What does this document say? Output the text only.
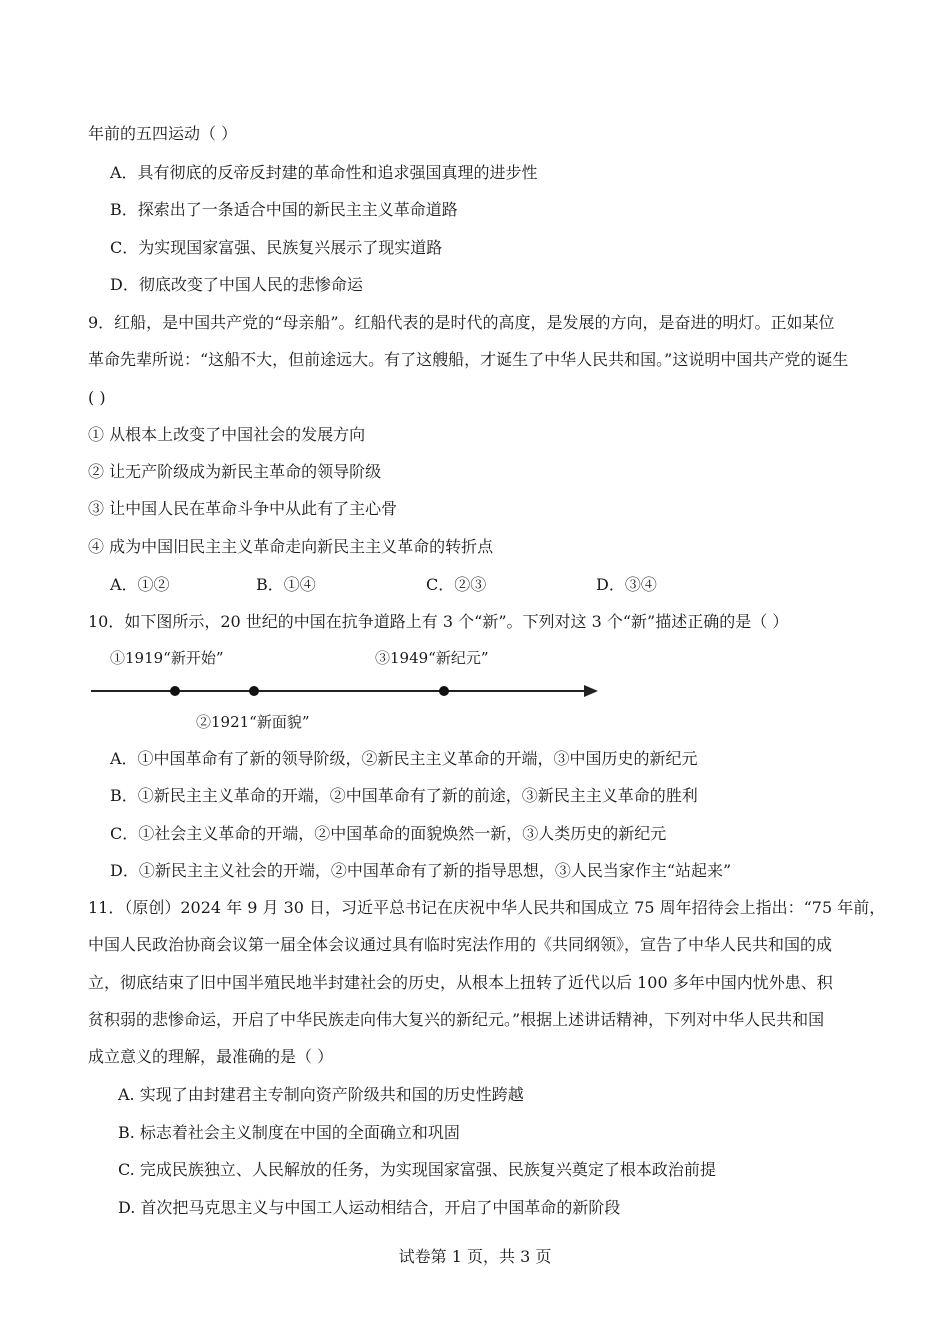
年前的五四运动（ ）
A．具有彻底的反帝反封建的革命性和追求强国真理的进步性
B．探索出了一条适合中国的新民主主义革命道路
C．为实现国家富强、民族复兴展示了现实道路
D．彻底改变了中国人民的悲惨命运
9．红船，是中国共产党的“母亲船”。红船代表的是时代的高度，是发展的方向，是奋进的明灯。正如某位
革命先辈所说：“这船不大，但前途远大。有了这艘船，才诞生了中华人民共和国。”这说明中国共产党的诞生
( )
① 从根本上改变了中国社会的发展方向
② 让无产阶级成为新民主革命的领导阶级
③ 让中国人民在革命斗争中从此有了主心骨
④ 成为中国旧民主主义革命走向新民主主义革命的转折点
A．①②	B．①④	C．②③	D．③④
10．如下图所示，20 世纪的中国在抗争道路上有 3 个“新”。下列对这 3 个“新”描述正确的是（ ）
①1919“新开始”	③1949“新纪元”
②1921“新面貌”
A．①中国革命有了新的领导阶级，②新民主主义革命的开端，③中国历史的新纪元
B．①新民主主义革命的开端，②中国革命有了新的前途，③新民主主义革命的胜利
C．①社会主义革命的开端，②中国革命的面貌焕然一新，③人类历史的新纪元
D．①新民主主义社会的开端，②中国革命有了新的指导思想，③人民当家作主“站起来”
11．（原创）2024 年 9 月 30 日，习近平总书记在庆祝中华人民共和国成立 75 周年招待会上指出：“75 年前，
中国人民政治协商会议第一届全体会议通过具有临时宪法作用的《共同纲领》，宣告了中华人民共和国的成
立，彻底结束了旧中国半殖民地半封建社会的历史，从根本上扭转了近代以后 100 多年中国内忧外患、积
贫积弱的悲惨命运，开启了中华民族走向伟大复兴的新纪元。”根据上述讲话精神，下列对中华人民共和国
成立意义的理解，最准确的是（ ）
A. 实现了由封建君主专制向资产阶级共和国的历史性跨越
B. 标志着社会主义制度在中国的全面确立和巩固
C. 完成民族独立、人民解放的任务，为实现国家富强、民族复兴奠定了根本政治前提
D. 首次把马克思主义与中国工人运动相结合，开启了中国革命的新阶段
试卷第 1 页，共 3 页
